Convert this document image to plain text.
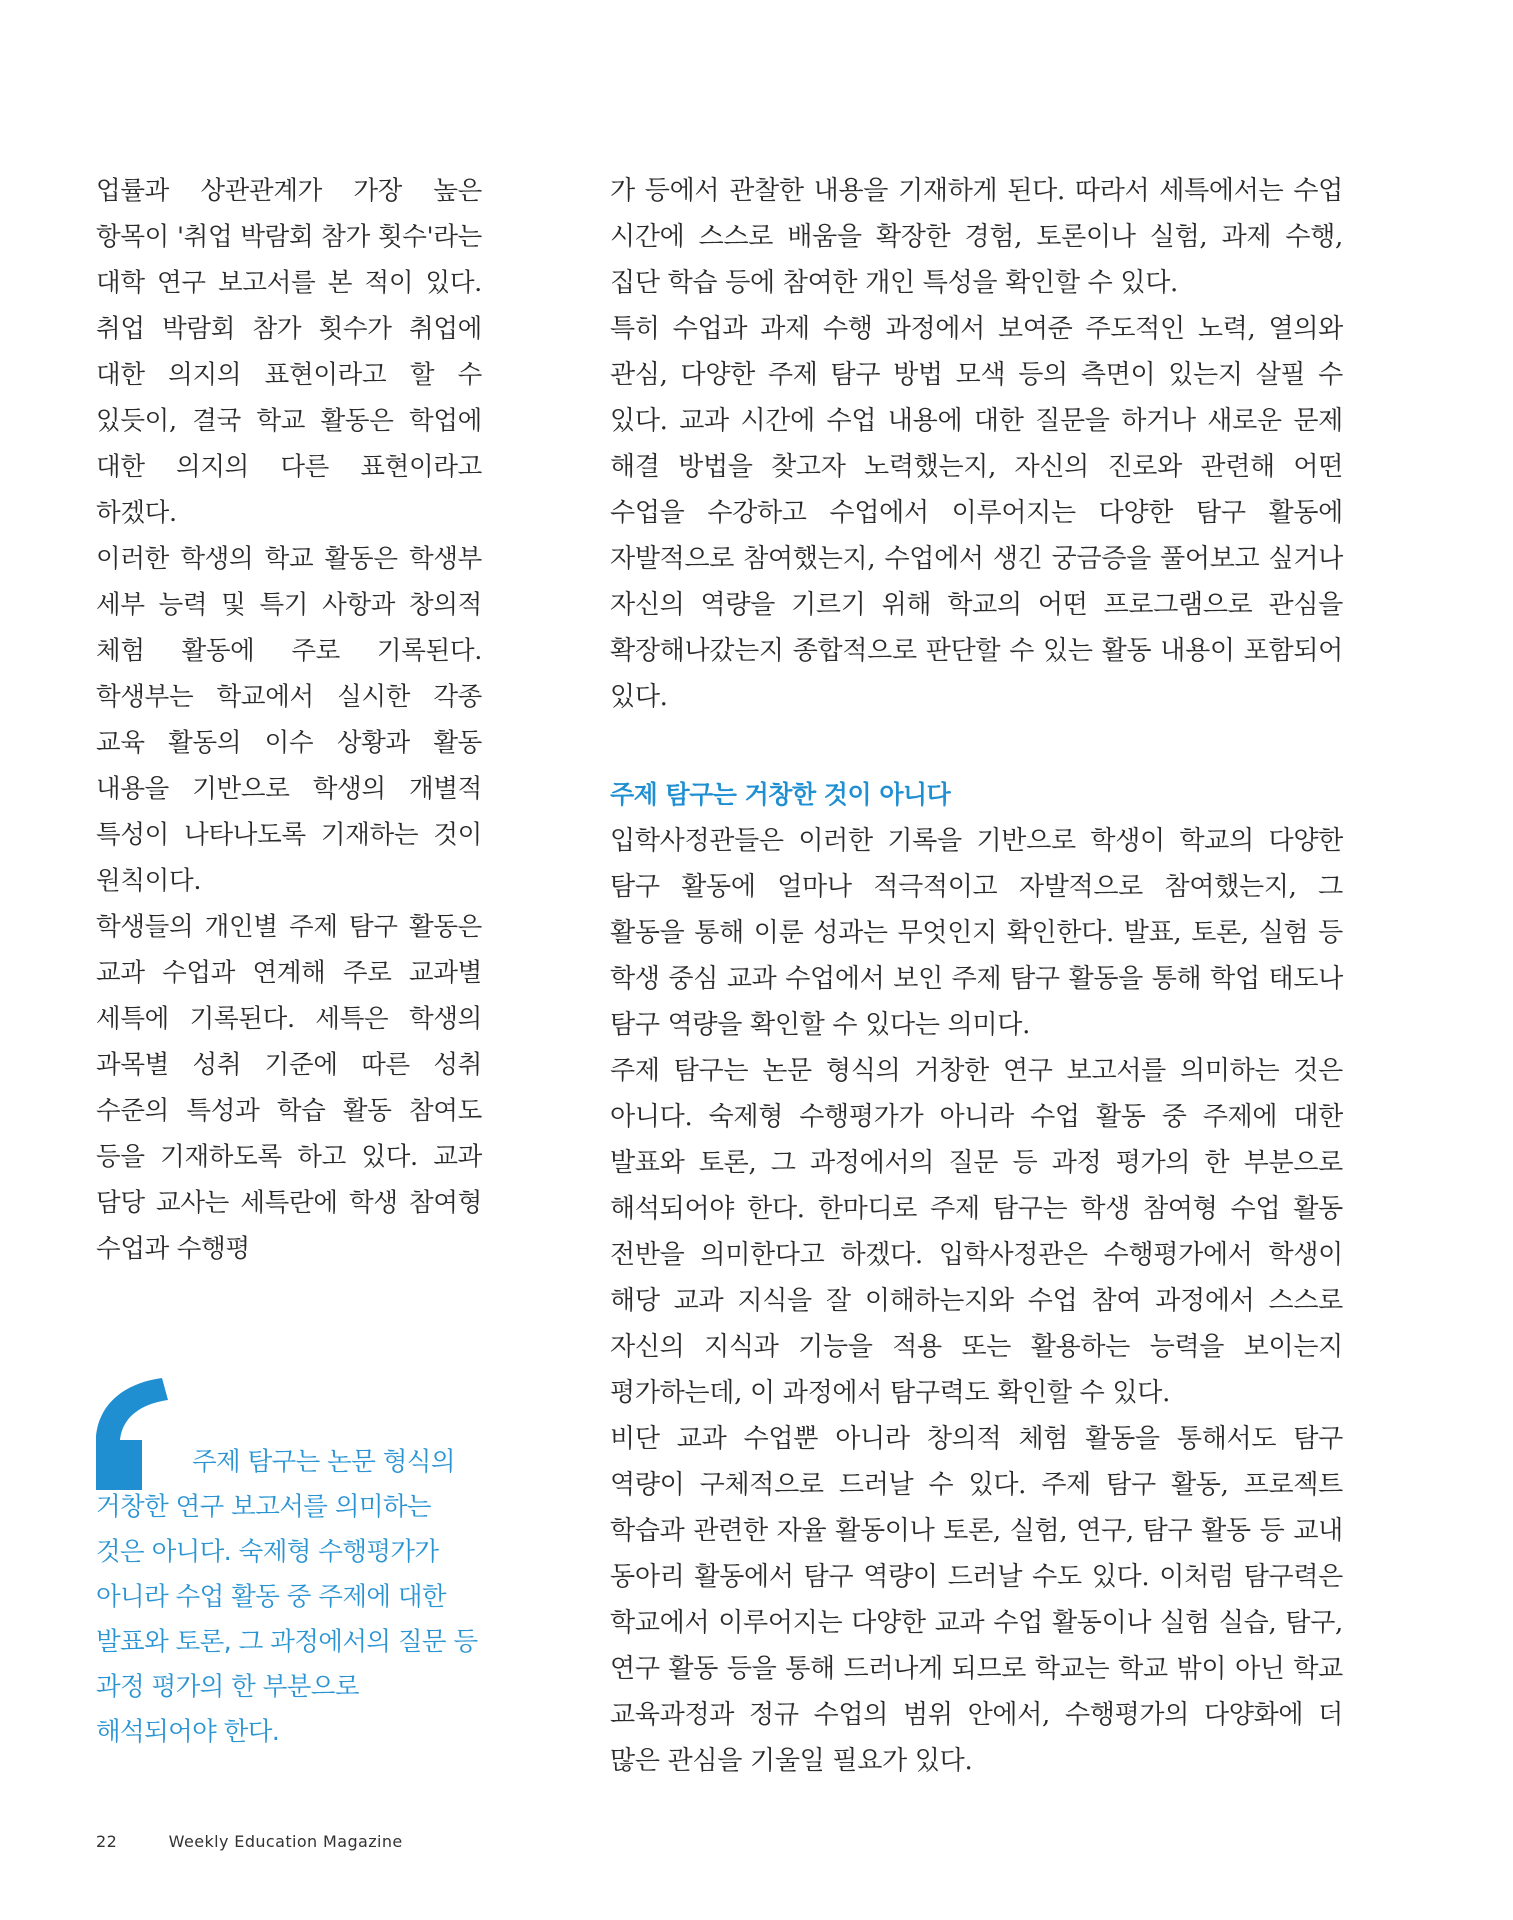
업률과 상관관계가 가장 높은 항목이 '취업 박람회 참가 횟수'라는 대학 연구 보고서를 본 적이 있다. 취업 박람회 참가 횟수가 취업에 대한 의지의 표현이라고 할 수 있듯이, 결국 학교 활동은 학업에 대한 의지의 다른 표현이라고 하겠다.

이러한 학생의 학교 활동은 학생부 세부 능력 및 특기 사항과 창의적 체험 활동에 주로 기록된다. 학생부는 학교에서 실시한 각종 교육 활동의 이수 상황과 활동 내용을 기반으로 학생의 개별적 특성이 나타나도록 기재하는 것이 원칙이다.

학생들의 개인별 주제 탐구 활동은 교과 수업과 연계해 주로 교과별 세특에 기록된다. 세특은 학생의 과목별 성취 기준에 따른 성취 수준의 특성과 학습 활동 참여도 등을 기재하도록 하고 있다. 교과 담당 교사는 세특란에 학생 참여형 수업과 수행평

가 등에서 관찰한 내용을 기재하게 된다. 따라서 세특에서는 수업 시간에 스스로 배움을 확장한 경험, 토론이나 실험, 과제 수행, 집단 학습 등에 참여한 개인 특성을 확인할 수 있다.

특히 수업과 과제 수행 과정에서 보여준 주도적인 노력, 열의와 관심, 다양한 주제 탐구 방법 모색 등의 측면이 있는지 살필 수 있다. 교과 시간에 수업 내용에 대한 질문을 하거나 새로운 문제 해결 방법을 찾고자 노력했는지, 자신의 진로와 관련해 어떤 수업을 수강하고 수업에서 이루어지는 다양한 탐구 활동에 자발적으로 참여했는지, 수업에서 생긴 궁금증을 풀어보고 싶거나 자신의 역량을 기르기 위해 학교의 어떤 프로그램으로 관심을 확장해나갔는지 종합적으로 판단할 수 있는 활동 내용이 포함되어 있다.

주제 탐구는 거창한 것이 아니다

입학사정관들은 이러한 기록을 기반으로 학생이 학교의 다양한 탐구 활동에 얼마나 적극적이고 자발적으로 참여했는지, 그 활동을 통해 이룬 성과는 무엇인지 확인한다. 발표, 토론, 실험 등 학생 중심 교과 수업에서 보인 주제 탐구 활동을 통해 학업 태도나 탐구 역량을 확인할 수 있다는 의미다.

주제 탐구는 논문 형식의 거창한 연구 보고서를 의미하는 것은 아니다. 숙제형 수행평가가 아니라 수업 활동 중 주제에 대한 발표와 토론, 그 과정에서의 질문 등 과정 평가의 한 부분으로 해석되어야 한다. 한마디로 주제 탐구는 학생 참여형 수업 활동 전반을 의미한다고 하겠다. 입학사정관은 수행평가에서 학생이 해당 교과 지식을 잘 이해하는지와 수업 참여 과정에서 스스로 자신의 지식과 기능을 적용 또는 활용하는 능력을 보이는지 평가하는데, 이 과정에서 탐구력도 확인할 수 있다.

비단 교과 수업뿐 아니라 창의적 체험 활동을 통해서도 탐구 역량이 구체적으로 드러날 수 있다. 주제 탐구 활동, 프로젝트 학습과 관련한 자율 활동이나 토론, 실험, 연구, 탐구 활동 등 교내 동아리 활동에서 탐구 역량이 드러날 수도 있다. 이처럼 탐구력은 학교에서 이루어지는 다양한 교과 수업 활동이나 실험 실습, 탐구, 연구 활동 등을 통해 드러나게 되므로 학교는 학교 밖이 아닌 학교 교육과정과 정규 수업의 범위 안에서, 수행평가의 다양화에 더 많은 관심을 기울일 필요가 있다.

주제 탐구는 논문 형식의 거창한 연구 보고서를 의미하는 것은 아니다. 숙제형 수행평가가 아니라 수업 활동 중 주제에 대한 발표와 토론, 그 과정에서의 질문 등 과정 평가의 한 부분으로 해석되어야 한다.

22	Weekly Education Magazine
